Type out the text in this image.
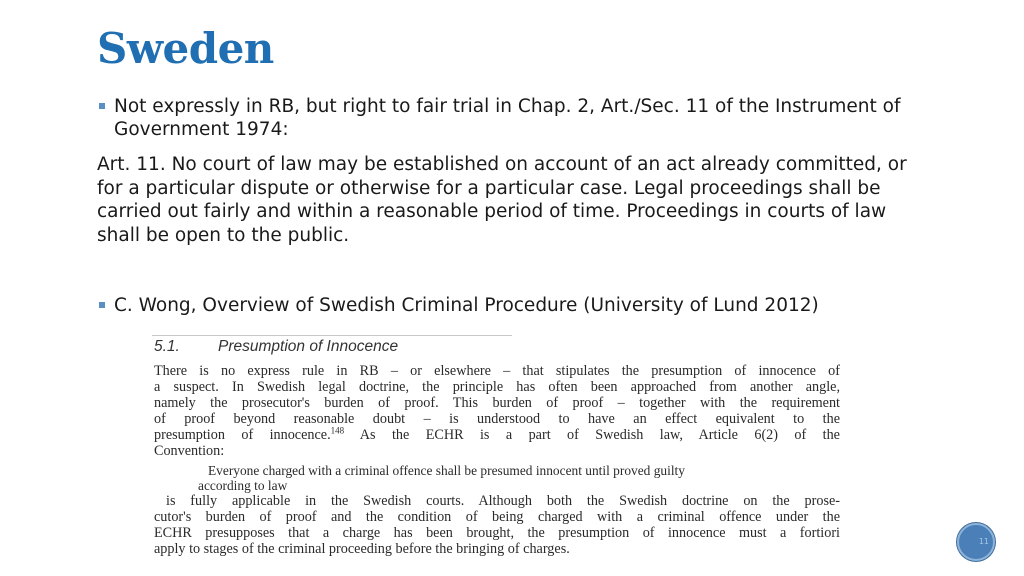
Sweden
Not expressly in RB, but right to fair trial in Chap. 2, Art./Sec. 11 of the Instrument of Government 1974:
Art. 11. No court of law may be established on account of an act already committed, or for a particular dispute or otherwise for a particular case. Legal proceedings shall be carried out fairly and within a reasonable period of time. Proceedings in courts of law shall be open to the public.
C. Wong, Overview of Swedish Criminal Procedure (University of Lund 2012)
5.1. Presumption of Innocence
There is no express rule in RB – or elsewhere – that stipulates the presumption of innocence of
a suspect. In Swedish legal doctrine, the principle has often been approached from another angle,
namely the prosecutor's burden of proof. This burden of proof – together with the requirement
of proof beyond reasonable doubt – is understood to have an effect equivalent to the
presumption of innocence.$^{148}$ As the ECHR is a part of Swedish law, Article 6(2) of the
Convention:
Everyone charged with a criminal offence shall be presumed innocent until proved guilty
according to law
is fully applicable in the Swedish courts. Although both the Swedish doctrine on the prose-
cutor's burden of proof and the condition of being charged with a criminal offence under the
ECHR presupposes that a charge has been brought, the presumption of innocence must a fortiori
apply to stages of the criminal proceeding before the bringing of charges.	11
